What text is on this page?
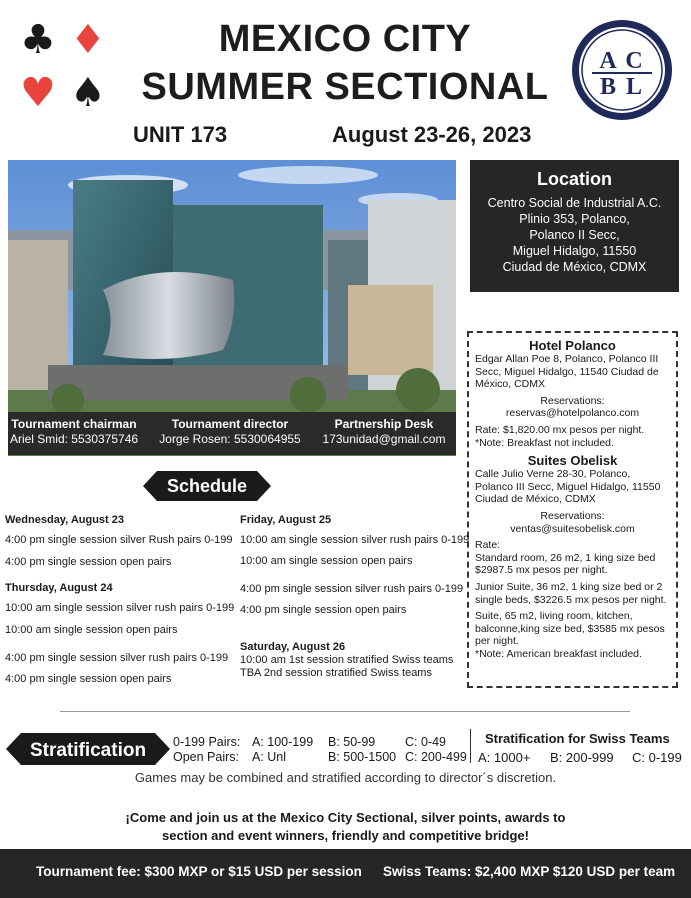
♣ ♦
♥ ♠
MEXICO CITY
SUMMER SECTIONAL
UNIT 173	August 23-26, 2023
A C
B L
Tournament chairman
Ariel Smid: 5530375746
Tournament director
Jorge Rosen: 5530064955
Partnership Desk
173unidad@gmail.com
Location
Centro Social de Industrial A.C.
Plinio 353, Polanco,
Polanco II Secc,
Miguel Hidalgo, 11550
Ciudad de México, CDMX
Hotel Polanco

Edgar Allan Poe 8, Polanco, Polanco III Secc, Miguel Hidalgo, 11540 Ciudad de México, CDMX

Reservations:

reservas@hotelpolanco.com

Rate: $1,820.00 mx pesos per night.

*Note: Breakfast not included.

Suites Obelisk

Calle Julio Verne 28-30, Polanco, Polanco III Secc, Miguel Hidalgo, 11550 Ciudad de México, CDMX

Reservations:

ventas@suitesobelisk.com

Rate:

Standard room, 26 m2, 1 king size bed $2987.5 mx pesos per night.

Junior Suite, 36 m2, 1 king size bed or 2 single beds, $3226.5 mx pesos per night.

Suite, 65 m2, living room, kitchen, balconne,king size bed, $3585 mx pesos per night.

*Note: American breakfast included.

Schedule
Wednesday, August 23
4:00 pm single session silver Rush pairs 0-199
4:00 pm single session open pairs
Thursday, August 24
10:00 am single session silver rush pairs 0-199
10:00 am single session open pairs
4:00 pm single session silver rush pairs 0-199
4:00 pm single session open pairs
Friday, August 25
10:00 am single session silver rush pairs 0-199
10:00 am single session open pairs
4:00 pm single session silver rush pairs 0-199
4:00 pm single session open pairs
Saturday, August 26
10:00 am 1st session stratified Swiss teams
TBA 2nd session stratified Swiss teams
Stratification 0-199 Pairs: A: 100-199 B: 50-99 C: 0-49
Open Pairs: A: Unl	B: 500-1500 C: 200-499
Stratification for Swiss Teams
A: 1000+ B: 200-999 C: 0-199
Games may be combined and stratified according to director´s discretion.
¡Come and join us at the Mexico City Sectional, silver points, awards to
section and event winners, friendly and competitive bridge!
Tournament fee: $300 MXP or $15 USD per session Swiss Teams: $2,400 MXP $120 USD per team
